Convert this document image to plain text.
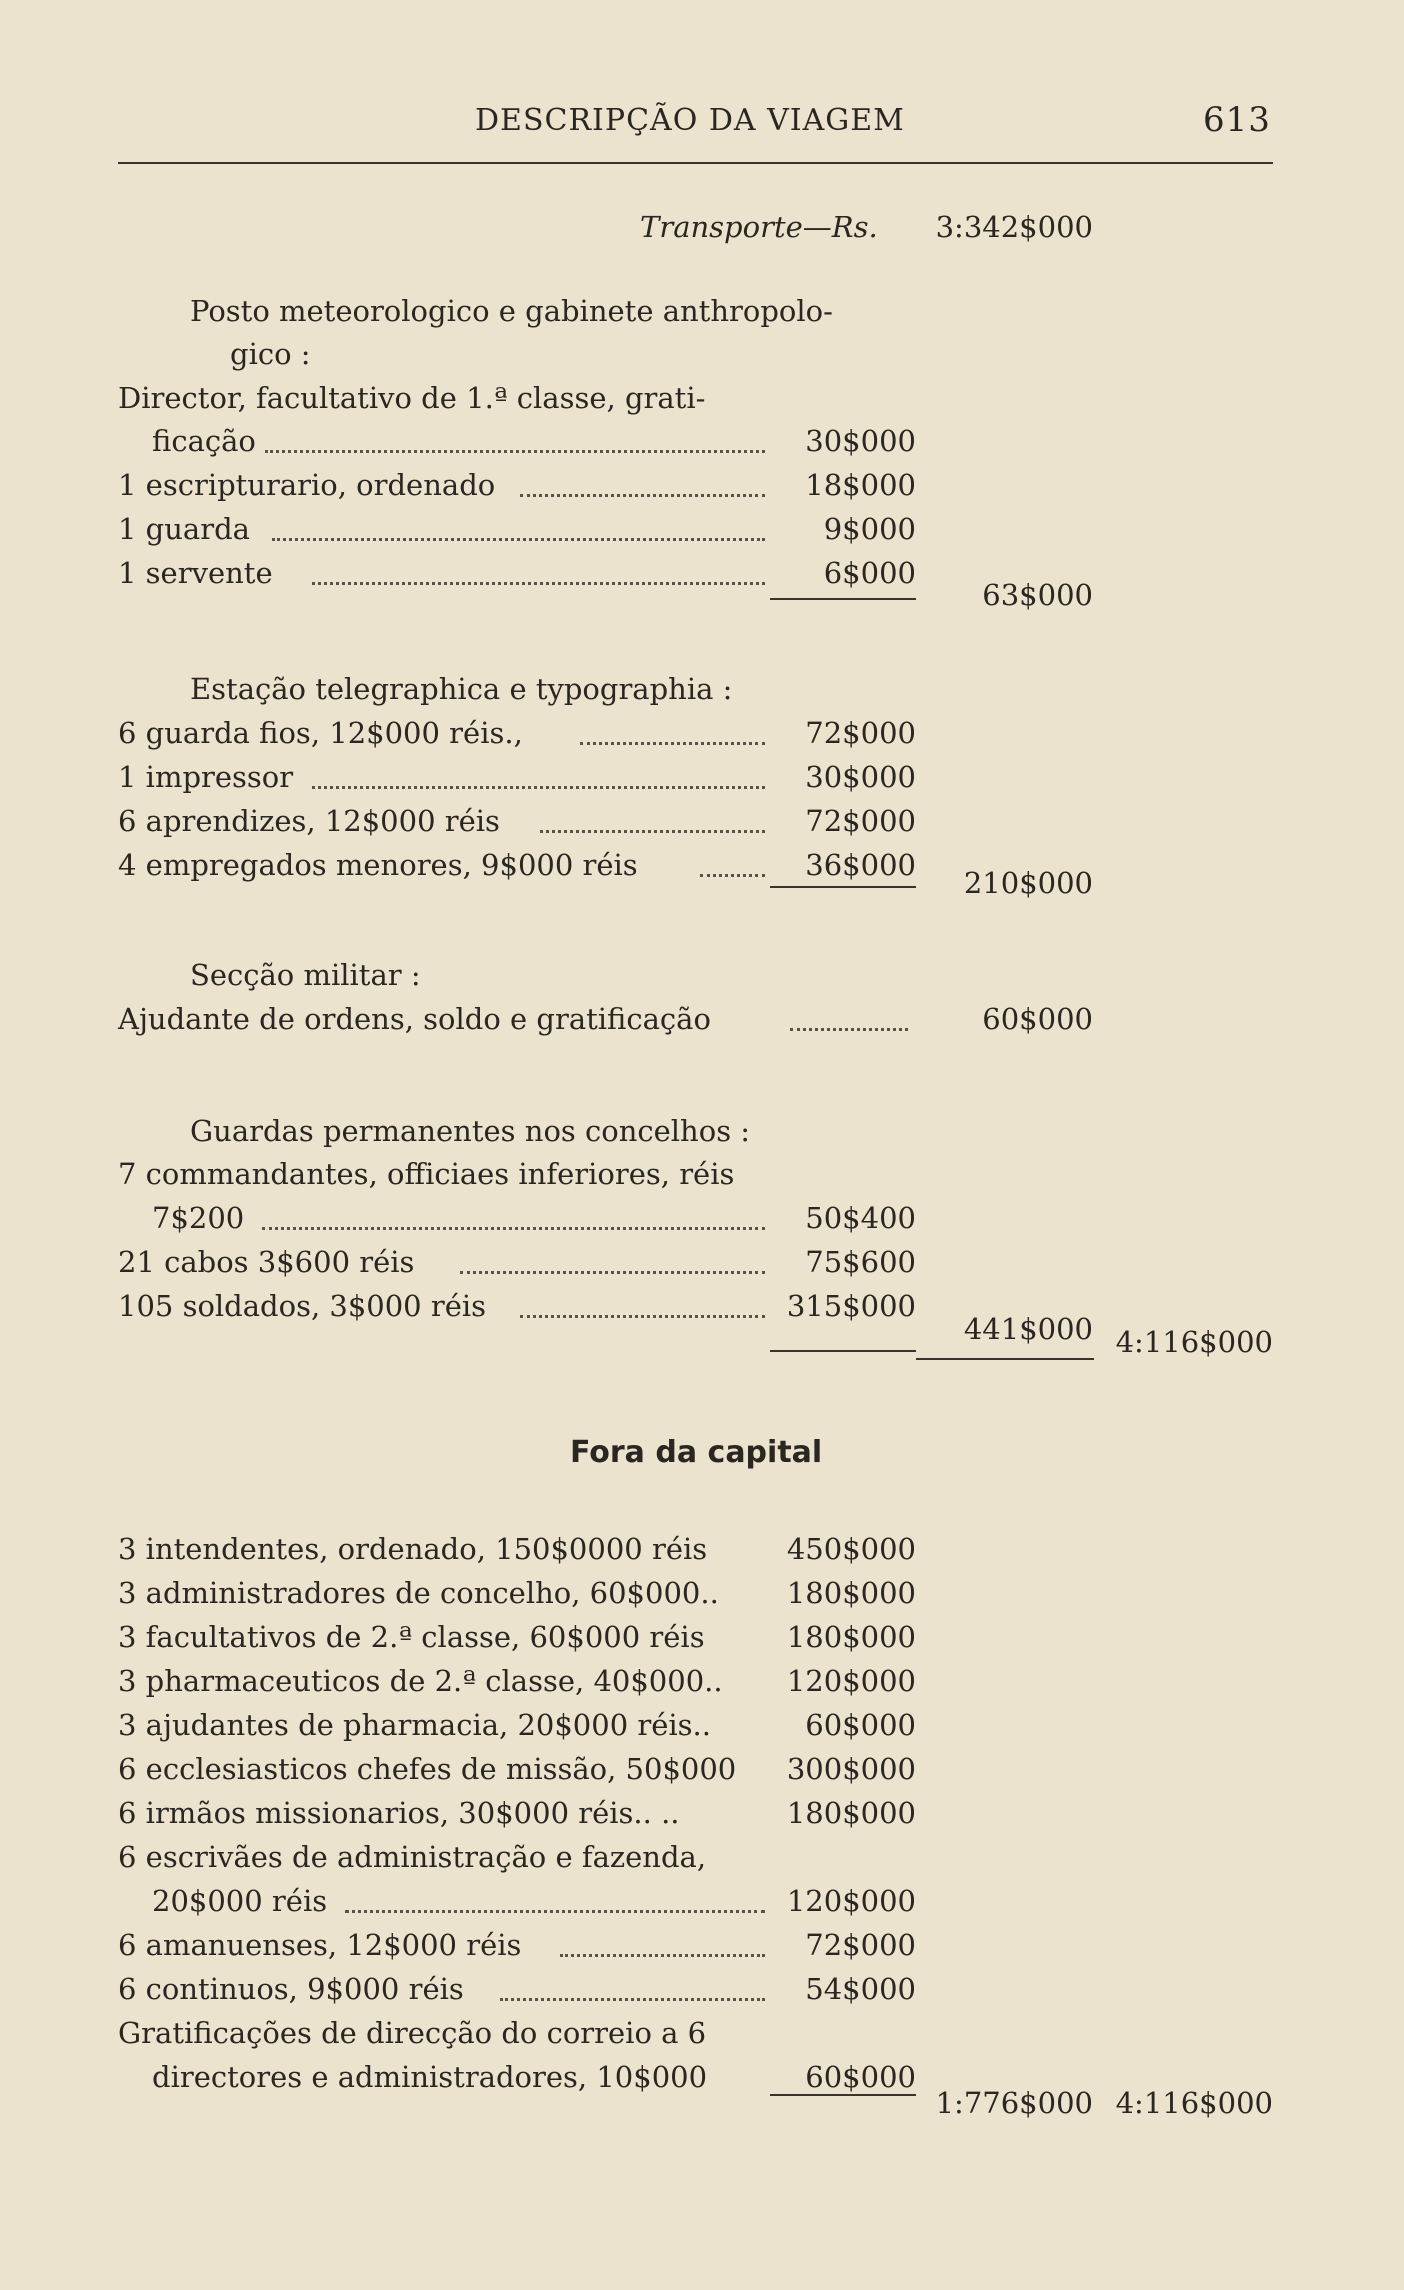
DESCRIPÇÃO DA VIAGEM	613
Transporte—Rs. 3:342$000
Posto meteorologico e gabinete anthropolo-
gico :
Director, facultativo de 1.ª classe, grati-
ficação	30$000
1 escripturario, ordenado	18$000
1 guarda	9$000
1 servente	6$000
63$000
Estação telegraphica e typographia :
6 guarda fios, 12$000 réis.,	72$000
1 impressor	30$000
6 aprendizes, 12$000 réis	72$000
4 empregados menores, 9$000 réis	36$000
210$000
Secção militar :
Ajudante de ordens, soldo e gratificação	60$000
Guardas permanentes nos concelhos :
7 commandantes, officiaes inferiores, réis
7$200	50$400
21 cabos 3$600 réis	75$600
105 soldados, 3$000 réis	315$000
441$000 4:116$000
Fora da capital
3 intendentes, ordenado, 150$0000 réis	450$000
3 administradores de concelho, 60$000.. 180$000
3 facultativos de 2.ª classe, 60$000 réis	180$000
3 pharmaceuticos de 2.ª classe, 40$000.. 120$000
3 ajudantes de pharmacia, 20$000 réis..	60$000
6 ecclesiasticos chefes de missão, 50$000 300$000
6 irmãos missionarios, 30$000 réis.. ..	180$000
6 escrivães de administração e fazenda,
20$000 réis	120$000
6 amanuenses, 12$000 réis	72$000
6 continuos, 9$000 réis	54$000
Gratificações de direcção do correio a 6
directores e administradores, 10$000	60$000
1:776$000 4:116$000
